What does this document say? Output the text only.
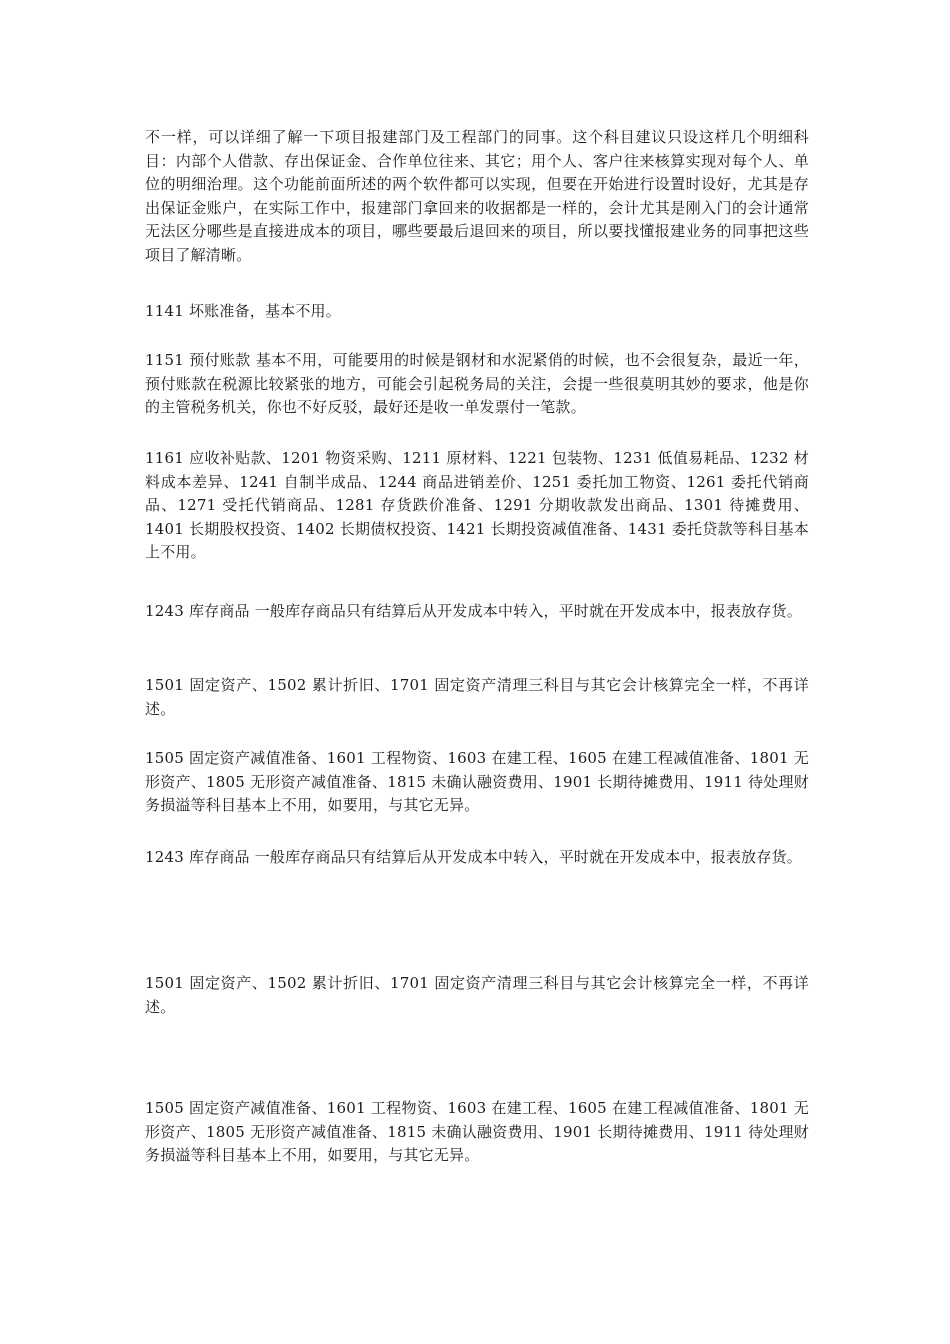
不一样，可以详细了解一下项目报建部门及工程部门的同事。这个科目建议只设这样几个明细科目：内部个人借款、存出保证金、合作单位往来、其它；用个人、客户往来核算实现对每个人、单位的明细治理。这个功能前面所述的两个软件都可以实现，但要在开始进行设置时设好，尤其是存出保证金账户，在实际工作中，报建部门拿回来的收据都是一样的，会计尤其是刚入门的会计通常无法区分哪些是直接进成本的项目，哪些要最后退回来的项目，所以要找懂报建业务的同事把这些项目了解清晰。

1141 坏账准备，基本不用。

1151 预付账款 基本不用，可能要用的时候是钢材和水泥紧俏的时候，也不会很复杂，最近一年，预付账款在税源比较紧张的地方，可能会引起税务局的关注，会提一些很莫明其妙的要求，他是你的主管税务机关，你也不好反驳，最好还是收一单发票付一笔款。

1161 应收补贴款、1201 物资采购、1211 原材料、1221 包装物、1231 低值易耗品、1232 材料成本差异、1241 自制半成品、1244 商品进销差价、1251 委托加工物资、1261 委托代销商品、1271 受托代销商品、1281 存货跌价准备、1291 分期收款发出商品、1301 待摊费用、1401 长期股权投资、1402 长期债权投资、1421 长期投资减值准备、1431 委托贷款等科目基本上不用。

1243 库存商品 一般库存商品只有结算后从开发成本中转入，平时就在开发成本中，报表放存货。

1501 固定资产、1502 累计折旧、1701 固定资产清理三科目与其它会计核算完全一样，不再详述。

1505 固定资产减值准备、1601 工程物资、1603 在建工程、1605 在建工程减值准备、1801 无形资产、1805 无形资产减值准备、1815 未确认融资费用、1901 长期待摊费用、1911 待处理财务损溢等科目基本上不用，如要用，与其它无异。

1243 库存商品 一般库存商品只有结算后从开发成本中转入，平时就在开发成本中，报表放存货。

1501 固定资产、1502 累计折旧、1701 固定资产清理三科目与其它会计核算完全一样，不再详述。

1505 固定资产减值准备、1601 工程物资、1603 在建工程、1605 在建工程减值准备、1801 无形资产、1805 无形资产减值准备、1815 未确认融资费用、1901 长期待摊费用、1911 待处理财务损溢等科目基本上不用，如要用，与其它无异。
